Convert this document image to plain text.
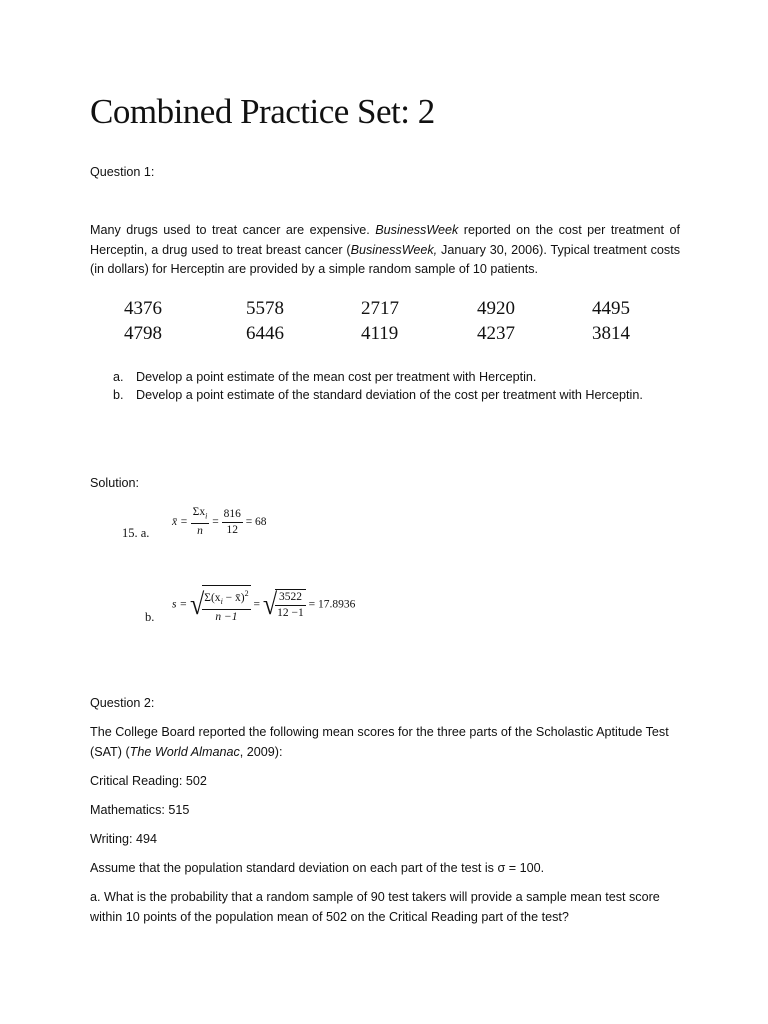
Combined Practice Set: 2
Question 1:
Many drugs used to treat cancer are expensive. BusinessWeek reported on the cost per treatment of Herceptin, a drug used to treat breast cancer (BusinessWeek, January 30, 2006). Typical treatment costs (in dollars) for Herceptin are provided by a simple random sample of 10 patients.
4376	5578	2717	4920	4495
4798	6446	4119	4237	3814
a. Develop a point estimate of the mean cost per treatment with Herceptin.
b. Develop a point estimate of the standard deviation of the cost per treatment with Herceptin.
Solution:
15. a.
x̄ = $\frac{\Sigma x_i}{n} = \frac{816}{12} = 68$
b.
s = √
$\frac{\Sigma(x_i - x̄)^2}{n -1}$ = √
$\frac{3522}{12 -1} = 17.8936$
Question 2:
The College Board reported the following mean scores for the three parts of the Scholastic Aptitude Test (SAT) (The World Almanac, 2009):
Critical Reading: 502
Mathematics: 515
Writing: 494
Assume that the population standard deviation on each part of the test is σ = 100.
a. What is the probability that a random sample of 90 test takers will provide a sample mean test score within 10 points of the population mean of 502 on the Critical Reading part of the test?
